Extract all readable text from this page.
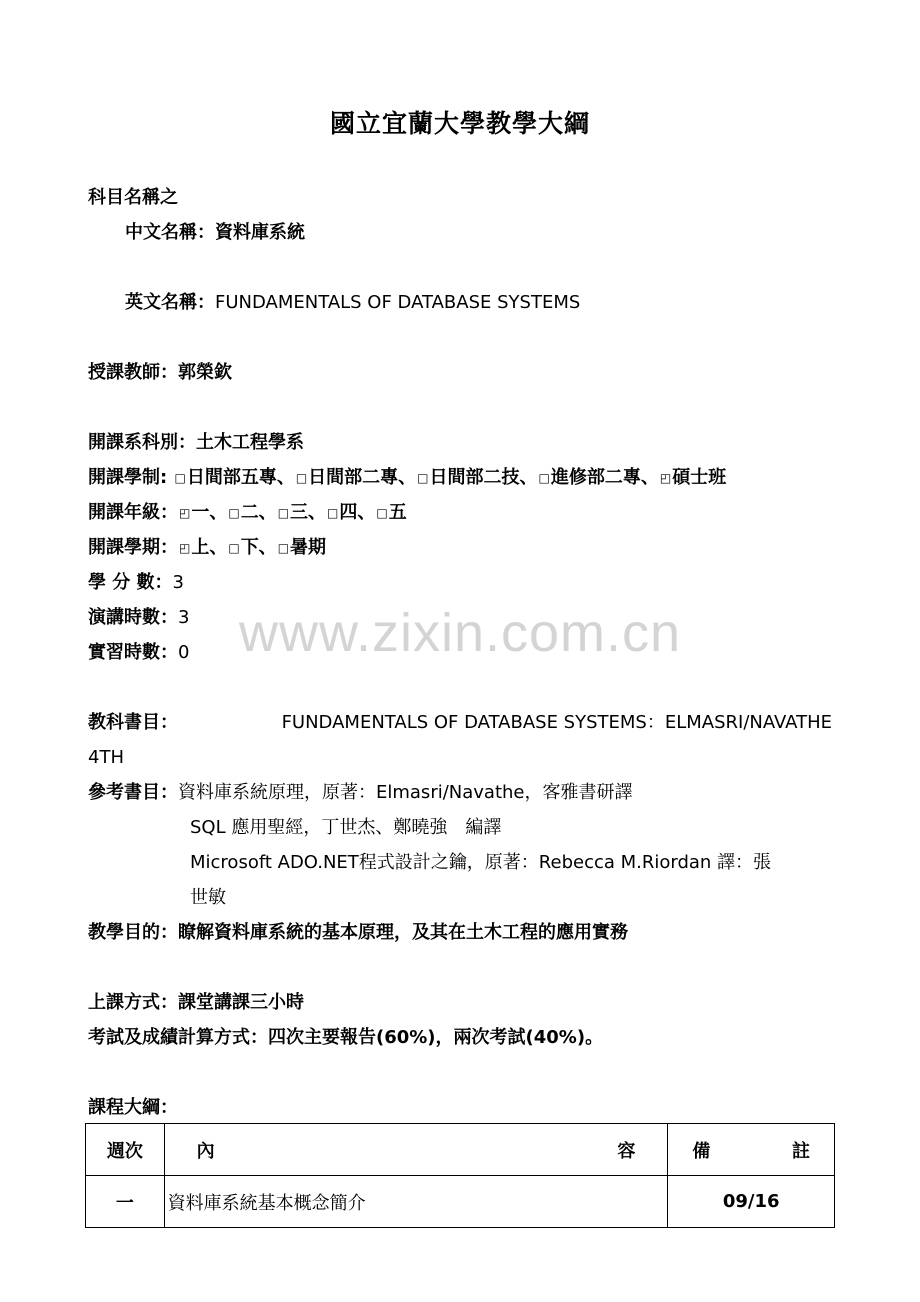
國立宜蘭大學教學大綱
www.zixin.com.cn
科目名稱之
中文名稱：資料庫系統
英文名稱：FUNDAMENTALS OF DATABASE SYSTEMS
授課教師：郭榮欽
開課系科別：土木工程學系
開課學制: □日間部五專、□日間部二專、□日間部二技、□進修部二專、◰碩士班
開課年級：◰一、□二、□三、□四、□五
開課學期：◰上、□下、□暑期
學 分 數：3
演講時數：3
實習時數：0
教科書目：	FUNDAMENTALS OF DATABASE SYSTEMS：ELMASRI/NAVATHE
4TH
參考書目：資料庫系統原理，原著：Elmasri/Navathe，客雅書研譯
SQL 應用聖經，丁世杰、鄭曉強　編譯
Microsoft ADO.NET程式設計之鑰，原著：Rebecca M.Riordan 譯：張
世敏
教學目的：瞭解資料庫系統的基本原理，及其在土木工程的應用實務
上課方式：課堂講課三小時
考試及成績計算方式：四次主要報告(60%)，兩次考試(40%)。
課程大綱：
週次	內 容	備 註

一	資料庫系統基本概念簡介	09/16
